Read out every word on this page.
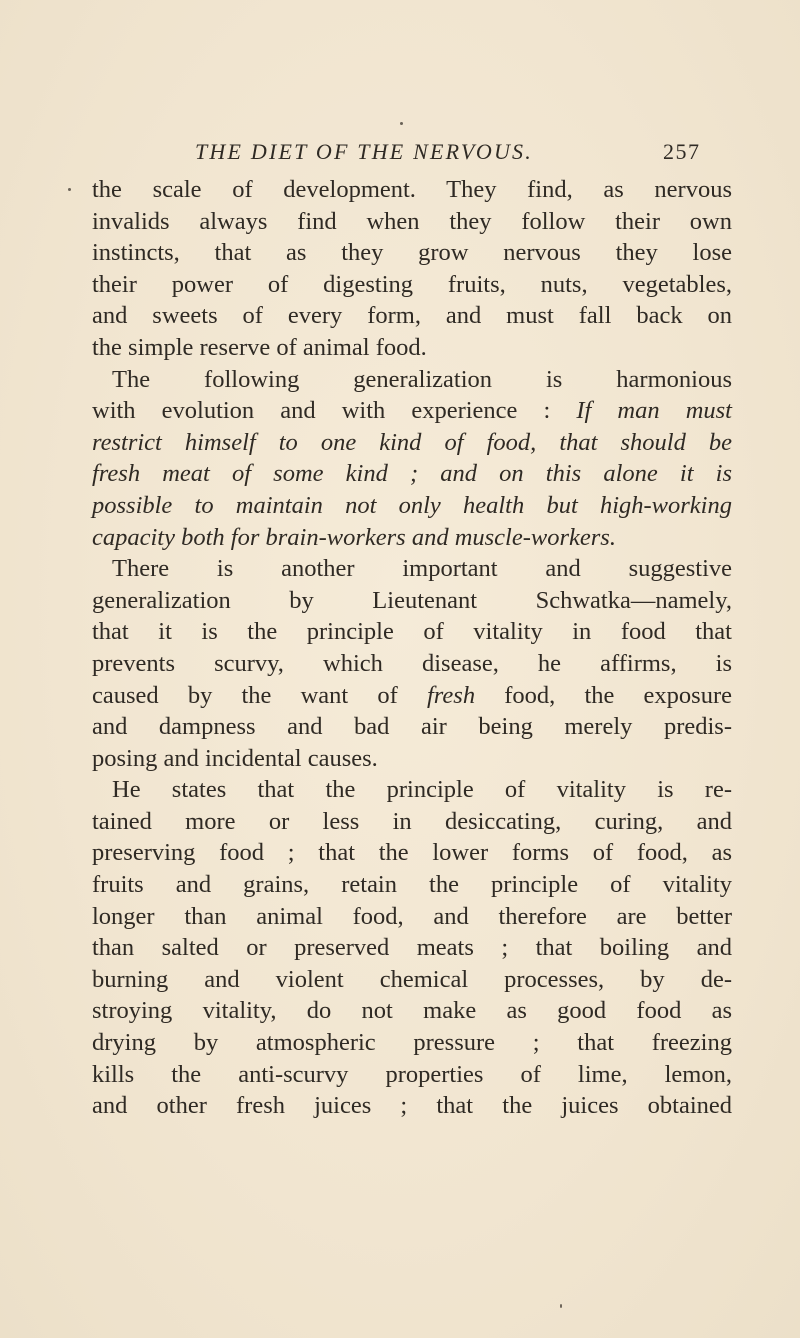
THE DIET OF THE NERVOUS.	257
the scale of development. They find, as nervous
invalids always find when they follow their own
instincts, that as they grow nervous they lose
their power of digesting fruits, nuts, vegetables,
and sweets of every form, and must fall back on
the simple reserve of animal food.
The following generalization is harmonious
with evolution and with experience : If man must
restrict himself to one kind of food, that should be
fresh meat of some kind ; and on this alone it is
possible to maintain not only health but high-working
capacity both for brain-workers and muscle-workers.
There is another important and suggestive
generalization by Lieutenant Schwatka—namely,
that it is the principle of vitality in food that
prevents scurvy, which disease, he affirms, is
caused by the want of fresh food, the exposure
and dampness and bad air being merely predis-
posing and incidental causes.
He states that the principle of vitality is re-
tained more or less in desiccating, curing, and
preserving food ; that the lower forms of food, as
fruits and grains, retain the principle of vitality
longer than animal food, and therefore are better
than salted or preserved meats ; that boiling and
burning and violent chemical processes, by de-
stroying vitality, do not make as good food as
drying by atmospheric pressure ; that freezing
kills the anti-scurvy properties of lime, lemon,
and other fresh juices ; that the juices obtained
